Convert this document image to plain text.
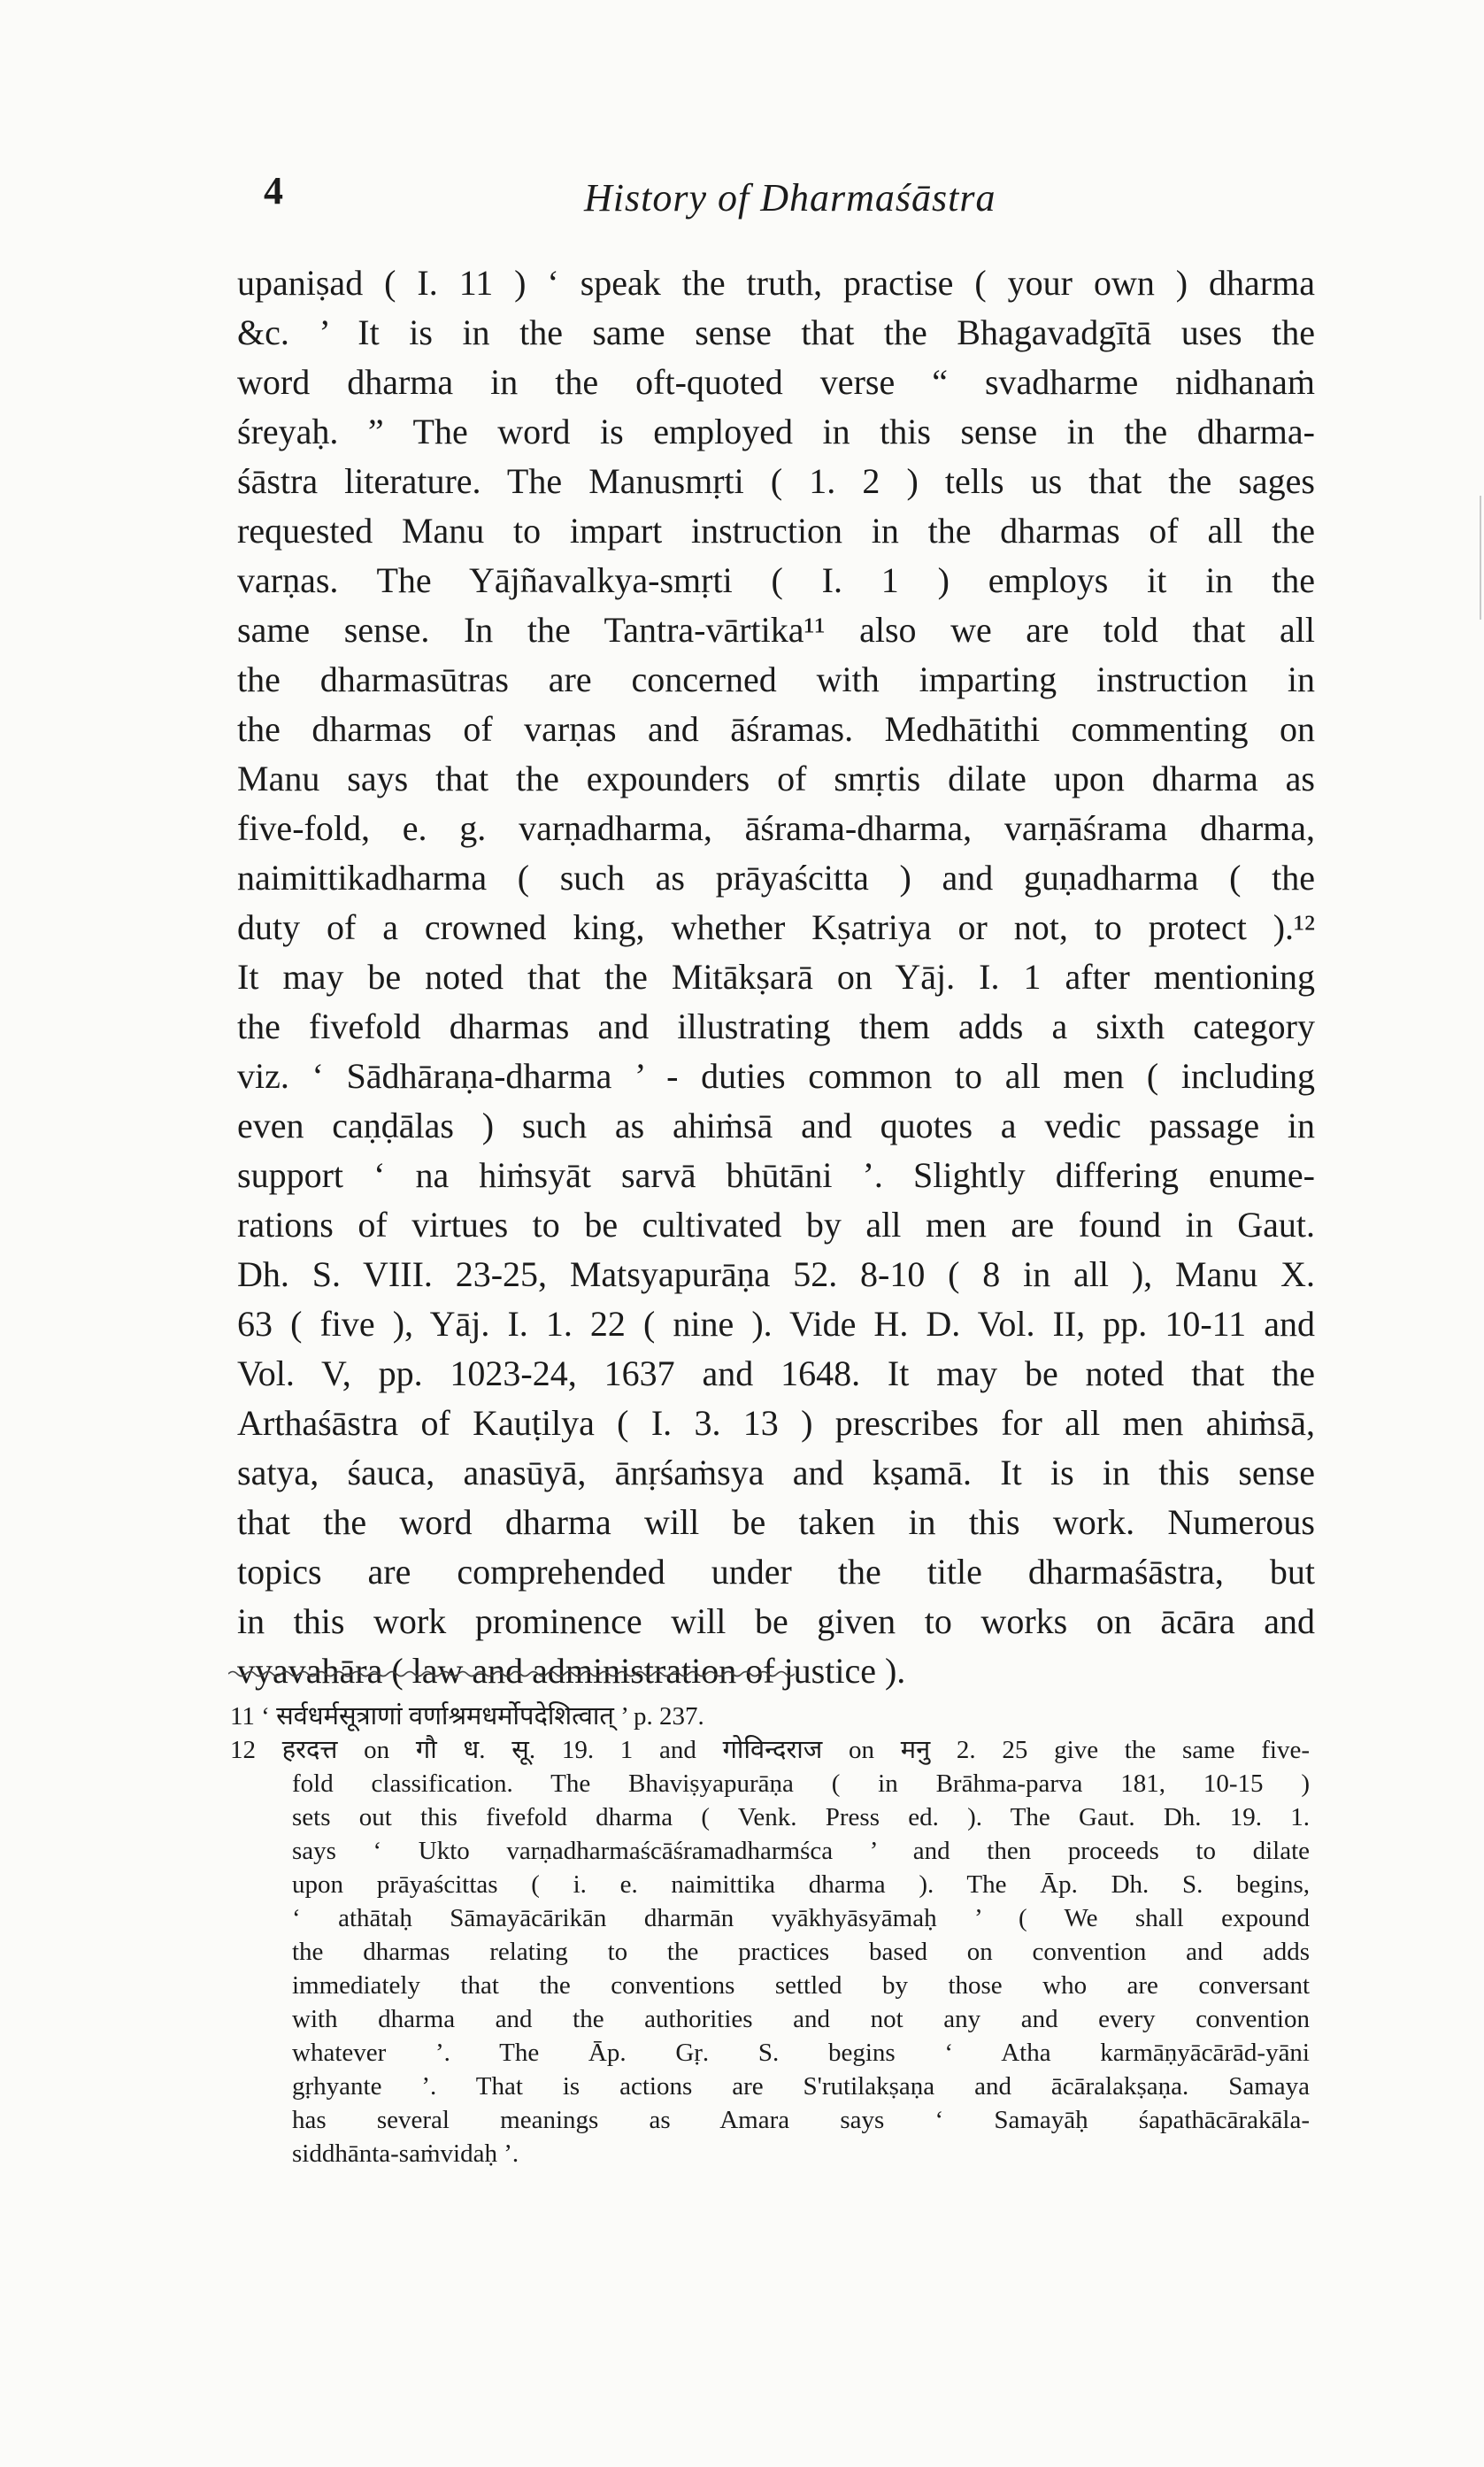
4	History of Dharmaśāstra
upaniṣad ( I. 11 ) ‘ speak the truth, practise ( your own ) dharma
&c. ’ It is in the same sense that the Bhagavadgītā uses the
word dharma in the oft-quoted verse “ svadharme nidhanaṁ
śreyaḥ. ” The word is employed in this sense in the dharma-
śāstra literature. The Manusmṛti ( 1. 2 ) tells us that the sages
requested Manu to impart instruction in the dharmas of all the
varṇas. The Yājñavalkya-smṛti ( I. 1 ) employs it in the
same sense. In the Tantra-vārtika¹¹ also we are told that all
the dharmasūtras are concerned with imparting instruction in
the dharmas of varṇas and āśramas. Medhātithi commenting on
Manu says that the expounders of smṛtis dilate upon dharma as
five-fold, e. g. varṇadharma, āśrama-dharma, varṇāśrama dharma,
naimittikadharma ( such as prāyaścitta ) and guṇadharma ( the
duty of a crowned king, whether Kṣatriya or not, to protect ).¹²
It may be noted that the Mitākṣarā on Yāj. I. 1 after mentioning
the fivefold dharmas and illustrating them adds a sixth category
viz. ‘ Sādhāraṇa-dharma ’ - duties common to all men ( including
even caṇḍālas ) such as ahiṁsā and quotes a vedic passage in
support ‘ na hiṁsyāt sarvā bhūtāni ’. Slightly differing enume-
rations of virtues to be cultivated by all men are found in Gaut.
Dh. S. VIII. 23-25, Matsyapurāṇa 52. 8-10 ( 8 in all ), Manu X.
63 ( five ), Yāj. I. 1. 22 ( nine ). Vide H. D. Vol. II, pp. 10-11 and
Vol. V, pp. 1023-24, 1637 and 1648. It may be noted that the
Arthaśāstra of Kauṭilya ( I. 3. 13 ) prescribes for all men ahiṁsā,
satya, śauca, anasūyā, ānṛśaṁsya and kṣamā. It is in this sense
that the word dharma will be taken in this work. Numerous
topics are comprehended under the title dharmaśāstra, but
in this work prominence will be given to works on ācāra and
vyavahāra ( law and administration of justice ).
11 ‘ सर्वधर्मसूत्राणां वर्णाश्रमधर्मोपदेशित्वात् ’ p. 237.
12 हरदत्त on गौ ध. सू. 19. 1 and गोविन्दराज on मनु 2. 25 give the same five-
fold classification. The Bhaviṣyapurāṇa ( in Brāhma-parva 181, 10-15 )
sets out this fivefold dharma ( Venk. Press ed. ). The Gaut. Dh. 19. 1.
says ‘ Ukto varṇadharmaścāśramadharmśca ’ and then proceeds to dilate
upon prāyaścittas ( i. e. naimittika dharma ). The Āp. Dh. S. begins,
‘ athātaḥ Sāmayācārikān dharmān vyākhyāsyāmaḥ ’ ( We shall expound
the dharmas relating to the practices based on convention and adds
immediately that the conventions settled by those who are conversant
with dharma and the authorities and not any and every convention
whatever ’. The Āp. Gṛ. S. begins ‘ Atha karmāṇyācārād-yāni
gṛhyante ’. That is actions are S'rutilakṣaṇa and ācāralakṣaṇa. Samaya
has several meanings as Amara says ‘ Samayāḥ śapathācārakāla-
siddhānta-saṁvidaḥ ’.
